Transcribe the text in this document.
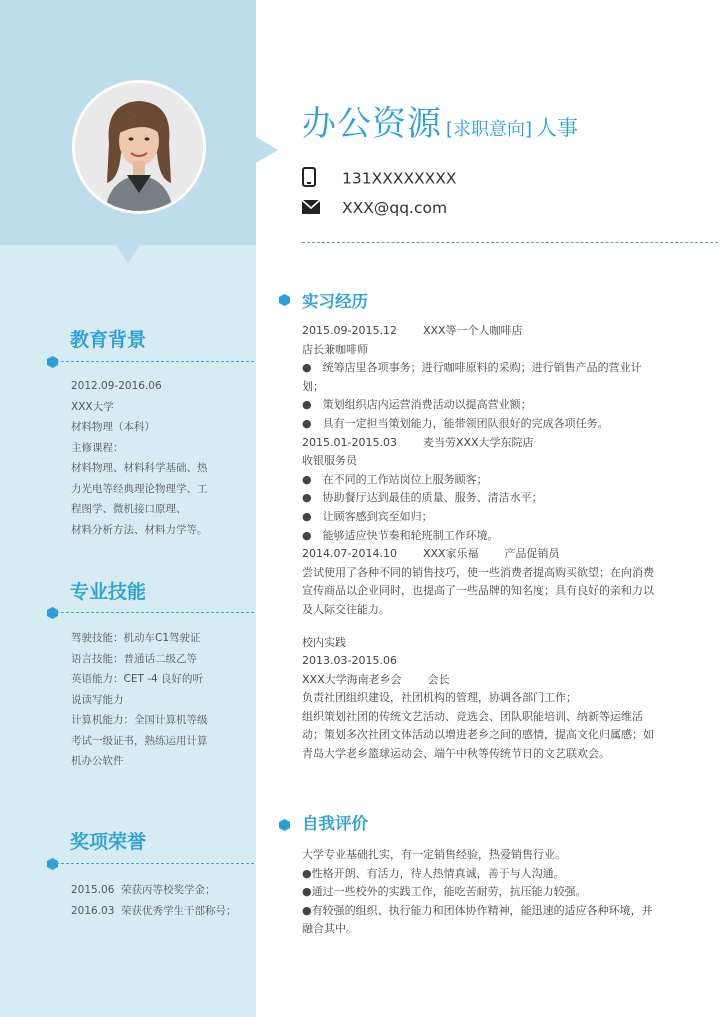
教育背景
2012.09-2016.06
XXX大学
材料物理（本科）
主修课程：
材料物理、材料科学基础、热
力光电等经典理论物理学、工
程图学、微机接口原理、
材料分析方法、材料力学等。
专业技能
驾驶技能：机动车C1驾驶证
语言技能：普通话二级乙等
英语能力：CET -4 良好的听
说读写能力
计算机能力：全国计算机等级
考试一级证书，熟练运用计算
机办公软件
奖项荣誉
2015.06 荣获丙等校奖学金；
2016.03 荣获优秀学生干部称号；
办公资源 [求职意向] 人事
131XXXXXXXX
XXX@qq.com
实习经历
2015.09-2015.12 XXX等一个人咖啡店
店长兼咖啡师
●　统筹店里各项事务；进行咖啡原料的采购；进行销售产品的营业计划；
●　策划组织店内运营消费活动以提高营业额；
●　具有一定担当策划能力，能带领团队很好的完成各项任务。
2015.01-2015.03 麦当劳XXX大学东院店
收银服务员
●　在不同的工作站岗位上服务顾客；
●　协助餐厅达到最佳的质量、服务、清洁水平；
●　让顾客感到宾至如归；
●　能够适应快节奏和轮班制工作环境。
2014.07-2014.10 XXX家乐福 产品促销员
尝试使用了各种不同的销售技巧，使一些消费者提高购买欲望；在向消费宣传商品以企业同时，也提高了一些品牌的知名度；具有良好的亲和力以及人际交往能力。
校内实践
2013.03-2015.06
XXX大学海南老乡会 会长
负责社团组织建设，社团机构的管理，协调各部门工作；
组织策划社团的传统文艺活动、竞选会、团队职能培训、纳新等运维活动；策划多次社团文体活动以增进老乡之间的感情，提高文化归属感；如青岛大学老乡篮球运动会、端午中秋等传统节日的文艺联欢会。
自我评价
大学专业基础扎实，有一定销售经验，热爱销售行业。
●性格开朗、有活力，待人热情真诚，善于与人沟通。
●通过一些校外的实践工作，能吃苦耐劳，抗压能力较强。
●有较强的组织、执行能力和团体协作精神，能迅速的适应各种环境，并融合其中。
